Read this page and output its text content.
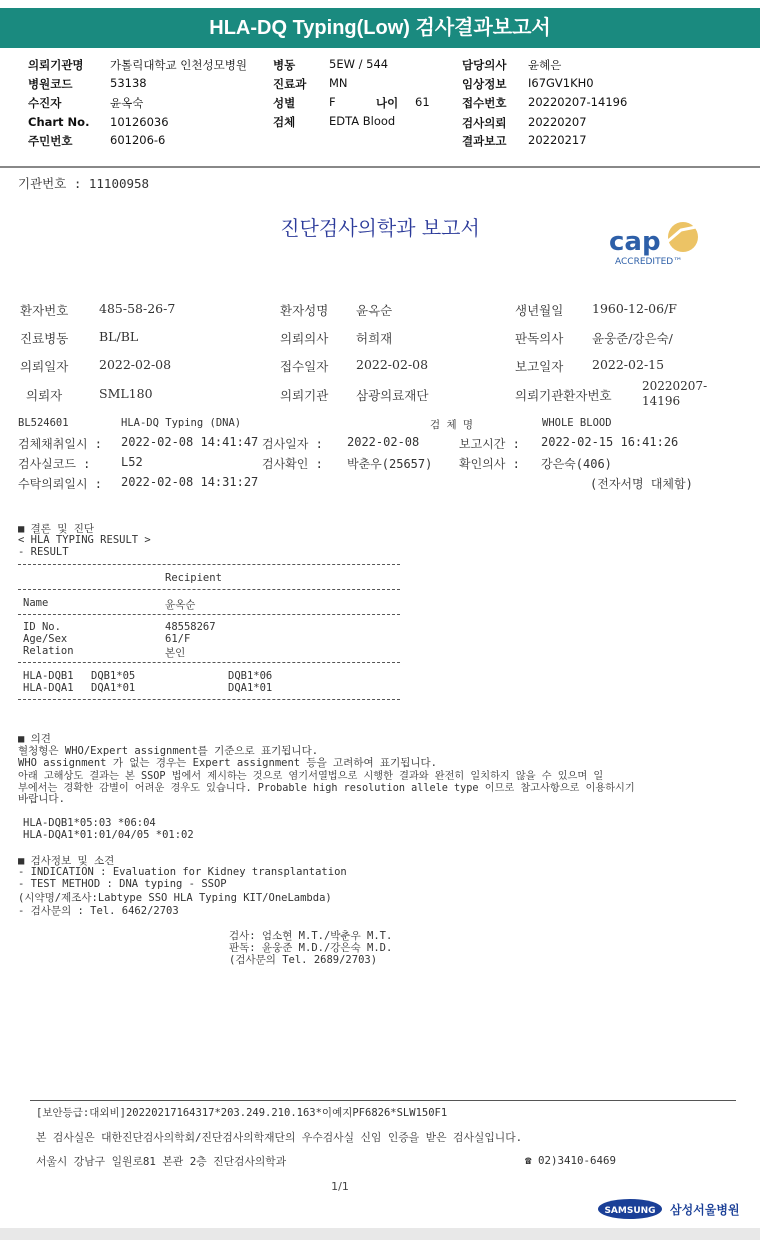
HLA-DQ Typing(Low) 검사결과보고서
의뢰기관명 가톨릭대학교 인천성모병원
병원코드	53138
수진자	윤옥숙
Chart No. 10126036
주민번호	601206-6
병동	5EW / 544
진료과 MN
성별	F	나이 61
검체	EDTA Blood
담당의사 윤혜은
임상정보 I67GV1KH0
접수번호 20220207-14196
검사의뢰 20220207
결과보고 20220217
기관번호 : 11100958
진단검사의학과 보고서	cap
ACCREDITED™
환자번호 485-58-26-7	환자성명 윤옥순	생년월일 1960-12-06/F
진료병동 BL/BL	의뢰의사 허희재	판독의사 윤웅준/강은숙/
의뢰일자 2022-02-08	접수일자 2022-02-08	보고일자 2022-02-15
의뢰자	SML180	의뢰기관 삼광의료재단	의뢰기관환자번호
20220207-
14196
BL524601	HLA-DQ Typing (DNA)	검 체 명	WHOLE BLOOD
검체채취일시 : 2022-02-08 14:41:47 검사일자 : 2022-02-08	보고시간 : 2022-02-15 16:41:26
검사실코드 :	L52	검사확인 : 박춘우(25657) 확인의사 : 강은숙(406)
수탁의뢰일시 : 2022-02-08 14:31:27	(전자서명 대체함)
■ 결론 및 진단
< HLA TYPING RESULT >
- RESULT
Recipient
Name	윤옥순
ID No.	48558267
Age/Sex	61/F
Relation	본인
HLA-DQB1 DQB1*05	DQB1*06
HLA-DQA1 DQA1*01	DQA1*01
■ 의견
혈청형은 WHO/Expert assignment를 기준으로 표기됩니다.
WHO assignment 가 없는 경우는 Expert assignment 등을 고려하여 표기됩니다.
아래 고해상도 결과는 본 SSOP 법에서 제시하는 것으로 염기서열법으로 시행한 결과와 완전히 일치하지 않을 수 있으며 일
부에서는 경확한 감별이 어려운 경우도 있습니다. Probable high resolution allele type 이므로 참고사항으로 이용하시기
바랍니다.
HLA-DQB1*05:03 *06:04
HLA-DQA1*01:01/04/05 *01:02
■ 검사정보 및 소견
- INDICATION : Evaluation for Kidney transplantation
- TEST METHOD : DNA typing - SSOP
(시약명/제조사:Labtype SSO HLA Typing KIT/OneLambda)
- 검사문의 : Tel. 6462/2703
검사: 엄소현 M.T./박춘우 M.T.
판독: 윤웅준 M.D./강은숙 M.D.
(검사문의 Tel. 2689/2703)
[보안등급:대외비]20220217164317*203.249.210.163*이예지PF6826*SLW150F1
본 검사실은 대한진단검사의학회/진단검사의학재단의 우수검사실 신임 인증을 받은 검사실입니다.
서울시 강남구 일원로81 본관 2층 진단검사의학과	☎ 02)3410-6469
1/1
SAMSUNG 삼성서울병원
